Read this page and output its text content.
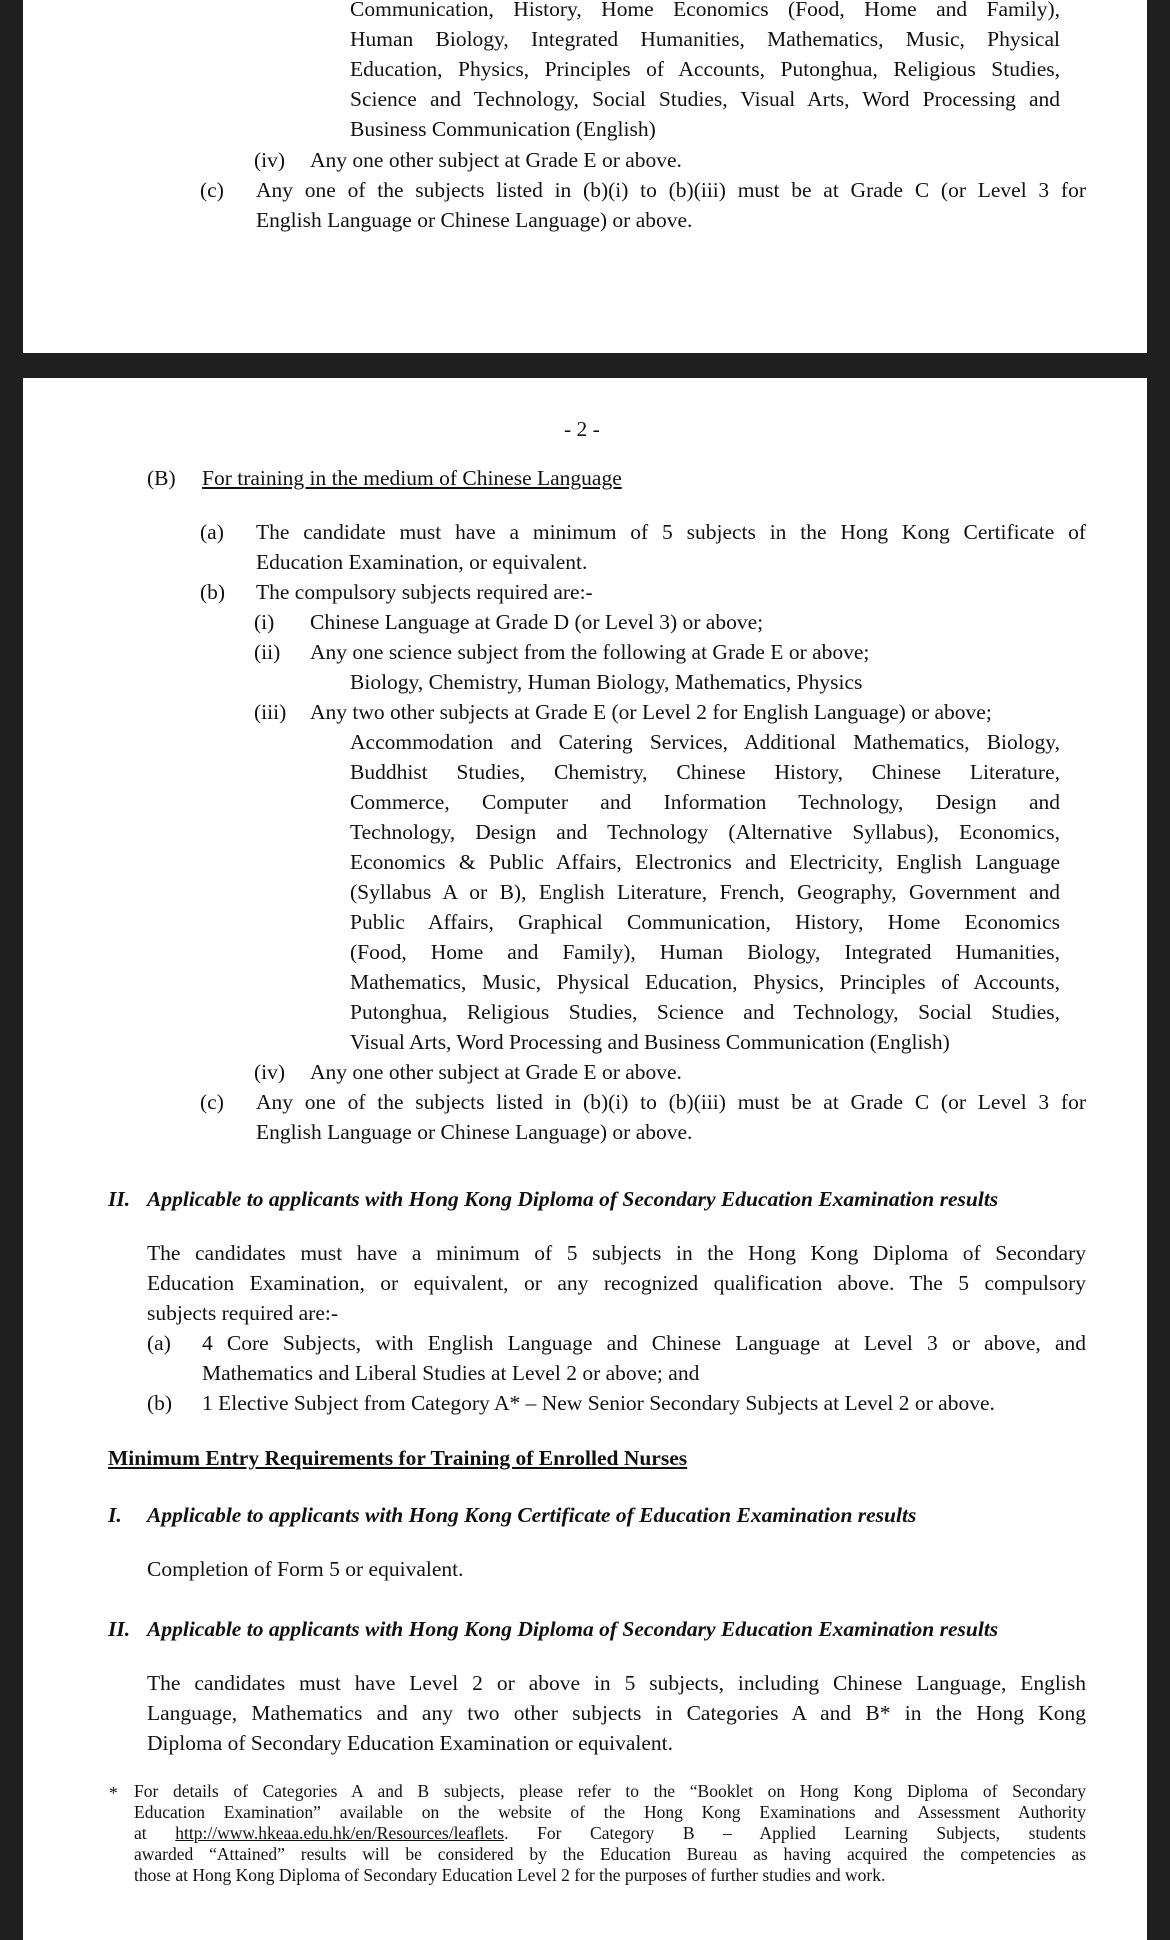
Communication, History, Home Economics (Food, Home and Family),
Human Biology, Integrated Humanities, Mathematics, Music, Physical
Education, Physics, Principles of Accounts, Putonghua, Religious Studies,
Science and Technology, Social Studies, Visual Arts, Word Processing and
Business Communication (English)
(iv) Any one other subject at Grade E or above.
(c) Any one of the subjects listed in (b)(i) to (b)(iii) must be at Grade C (or Level 3 for
English Language or Chinese Language) or above.
- 2 -
(B) For training in the medium of Chinese Language
(a) The candidate must have a minimum of 5 subjects in the Hong Kong Certificate of
Education Examination, or equivalent.
(b) The compulsory subjects required are:-
(i) Chinese Language at Grade D (or Level 3) or above;
(ii) Any one science subject from the following at Grade E or above;
Biology, Chemistry, Human Biology, Mathematics, Physics
(iii) Any two other subjects at Grade E (or Level 2 for English Language) or above;
Accommodation and Catering Services, Additional Mathematics, Biology,
Buddhist Studies, Chemistry, Chinese History, Chinese Literature,
Commerce, Computer and Information Technology, Design and
Technology, Design and Technology (Alternative Syllabus), Economics,
Economics & Public Affairs, Electronics and Electricity, English Language
(Syllabus A or B), English Literature, French, Geography, Government and
Public Affairs, Graphical Communication, History, Home Economics
(Food, Home and Family), Human Biology, Integrated Humanities,
Mathematics, Music, Physical Education, Physics, Principles of Accounts,
Putonghua, Religious Studies, Science and Technology, Social Studies,
Visual Arts, Word Processing and Business Communication (English)
(iv) Any one other subject at Grade E or above.
(c) Any one of the subjects listed in (b)(i) to (b)(iii) must be at Grade C (or Level 3 for
English Language or Chinese Language) or above.
II. Applicable to applicants with Hong Kong Diploma of Secondary Education Examination results
The candidates must have a minimum of 5 subjects in the Hong Kong Diploma of Secondary
Education Examination, or equivalent, or any recognized qualification above. The 5 compulsory
subjects required are:-
(a) 4 Core Subjects, with English Language and Chinese Language at Level 3 or above, and
Mathematics and Liberal Studies at Level 2 or above; and
(b) 1 Elective Subject from Category A* – New Senior Secondary Subjects at Level 2 or above.
Minimum Entry Requirements for Training of Enrolled Nurses
I. Applicable to applicants with Hong Kong Certificate of Education Examination results
Completion of Form 5 or equivalent.
II. Applicable to applicants with Hong Kong Diploma of Secondary Education Examination results
The candidates must have Level 2 or above in 5 subjects, including Chinese Language, English
Language, Mathematics and any two other subjects in Categories A and B* in the Hong Kong
Diploma of Secondary Education Examination or equivalent.
* For details of Categories A and B subjects, please refer to the “Booklet on Hong Kong Diploma of Secondary
Education Examination” available on the website of the Hong Kong Examinations and Assessment Authority
at http://www.hkeaa.edu.hk/en/Resources/leaflets. For Category B – Applied Learning Subjects, students
awarded “Attained” results will be considered by the Education Bureau as having acquired the competencies as
those at Hong Kong Diploma of Secondary Education Level 2 for the purposes of further studies and work.
